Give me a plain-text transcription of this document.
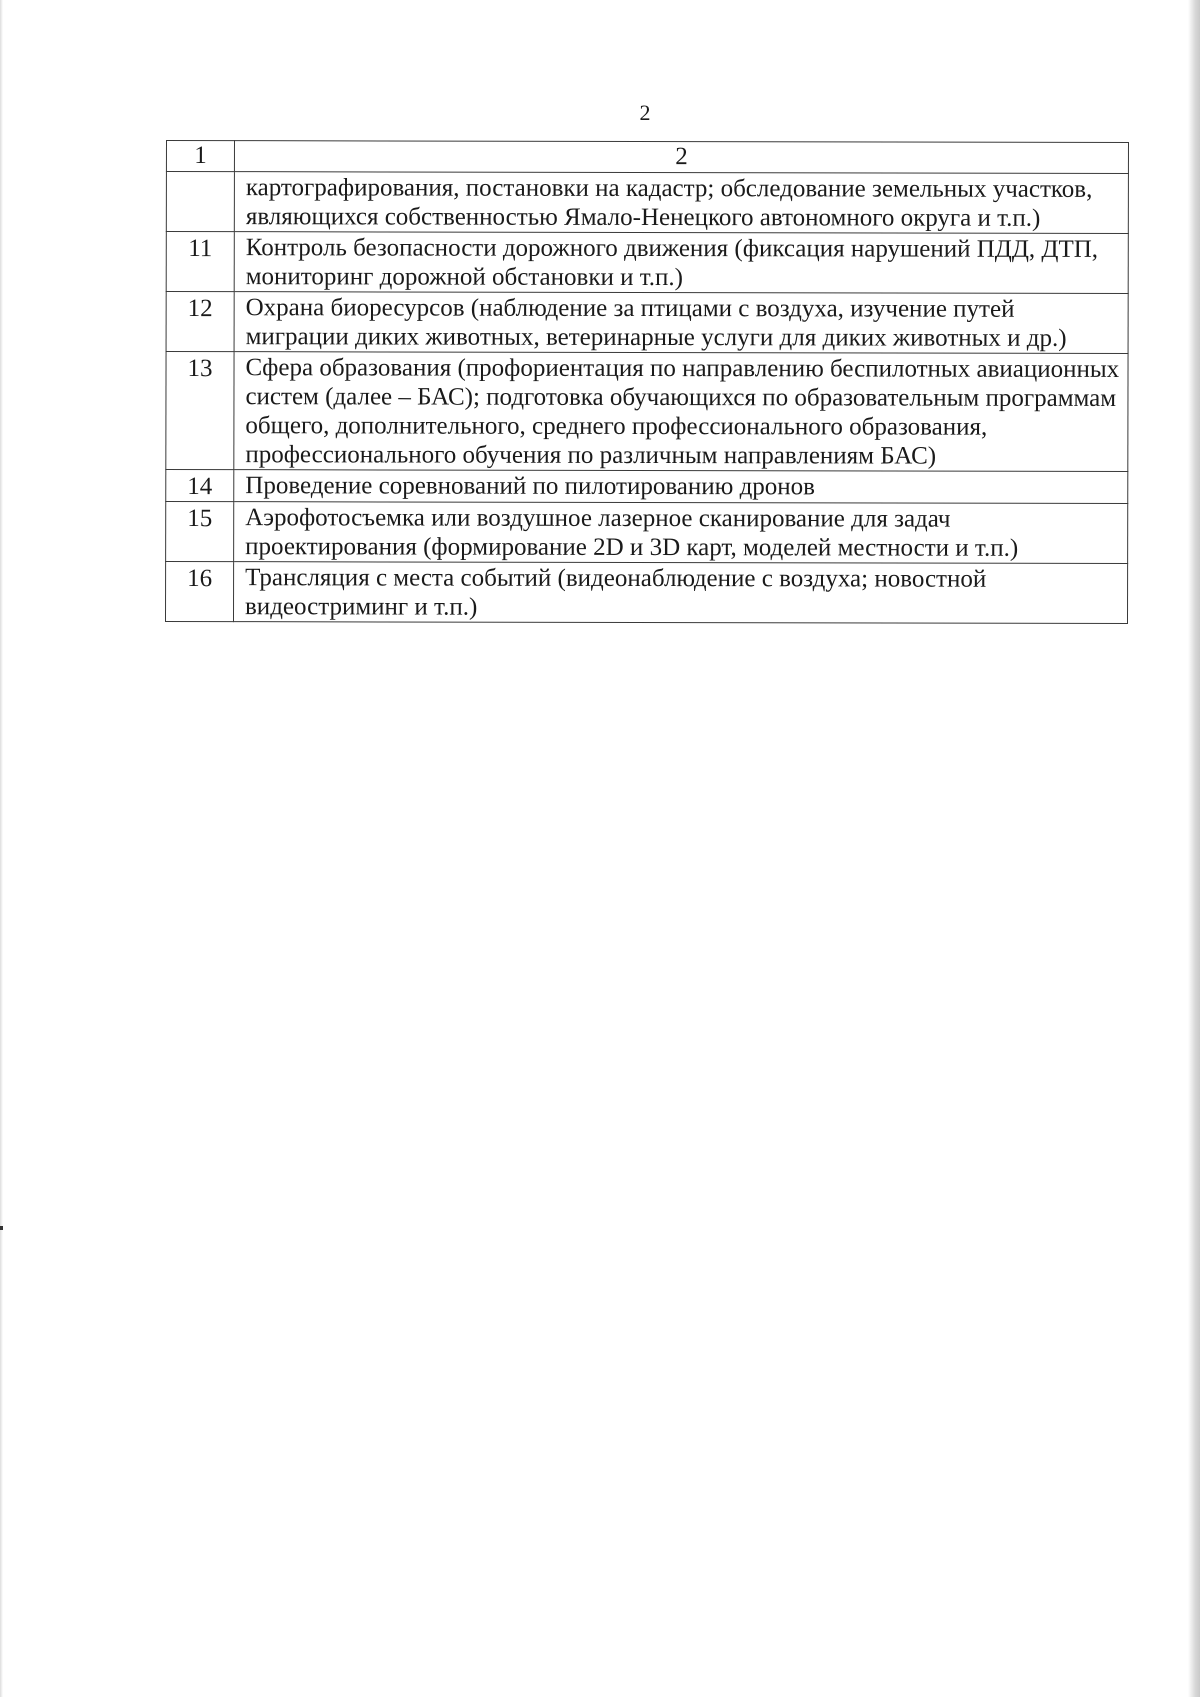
2
1	2
	картографирования, постановки на кадастр; обследование земельных участков, являющихся собственностью Ямало-Ненецкого автономного округа и т.п.)
11	Контроль безопасности дорожного движения (фиксация нарушений ПДД, ДТП, мониторинг дорожной обстановки и т.п.)
12	Охрана биоресурсов (наблюдение за птицами с воздуха, изучение путей миграции диких животных, ветеринарные услуги для диких животных и др.)
13	Сфера образования (профориентация по направлению беспилотных авиационных систем (далее – БАС); подготовка обучающихся по образовательным программам общего, дополнительного, среднего профессионального образования, профессионального обучения по различным направлениям БАС)
14	Проведение соревнований по пилотированию дронов
15	Аэрофотосъемка или воздушное лазерное сканирование для задач проектирования (формирование 2D и 3D карт, моделей местности и т.п.)
16	Трансляция с места событий (видеонаблюдение с воздуха; новостной видеостриминг и т.п.)
